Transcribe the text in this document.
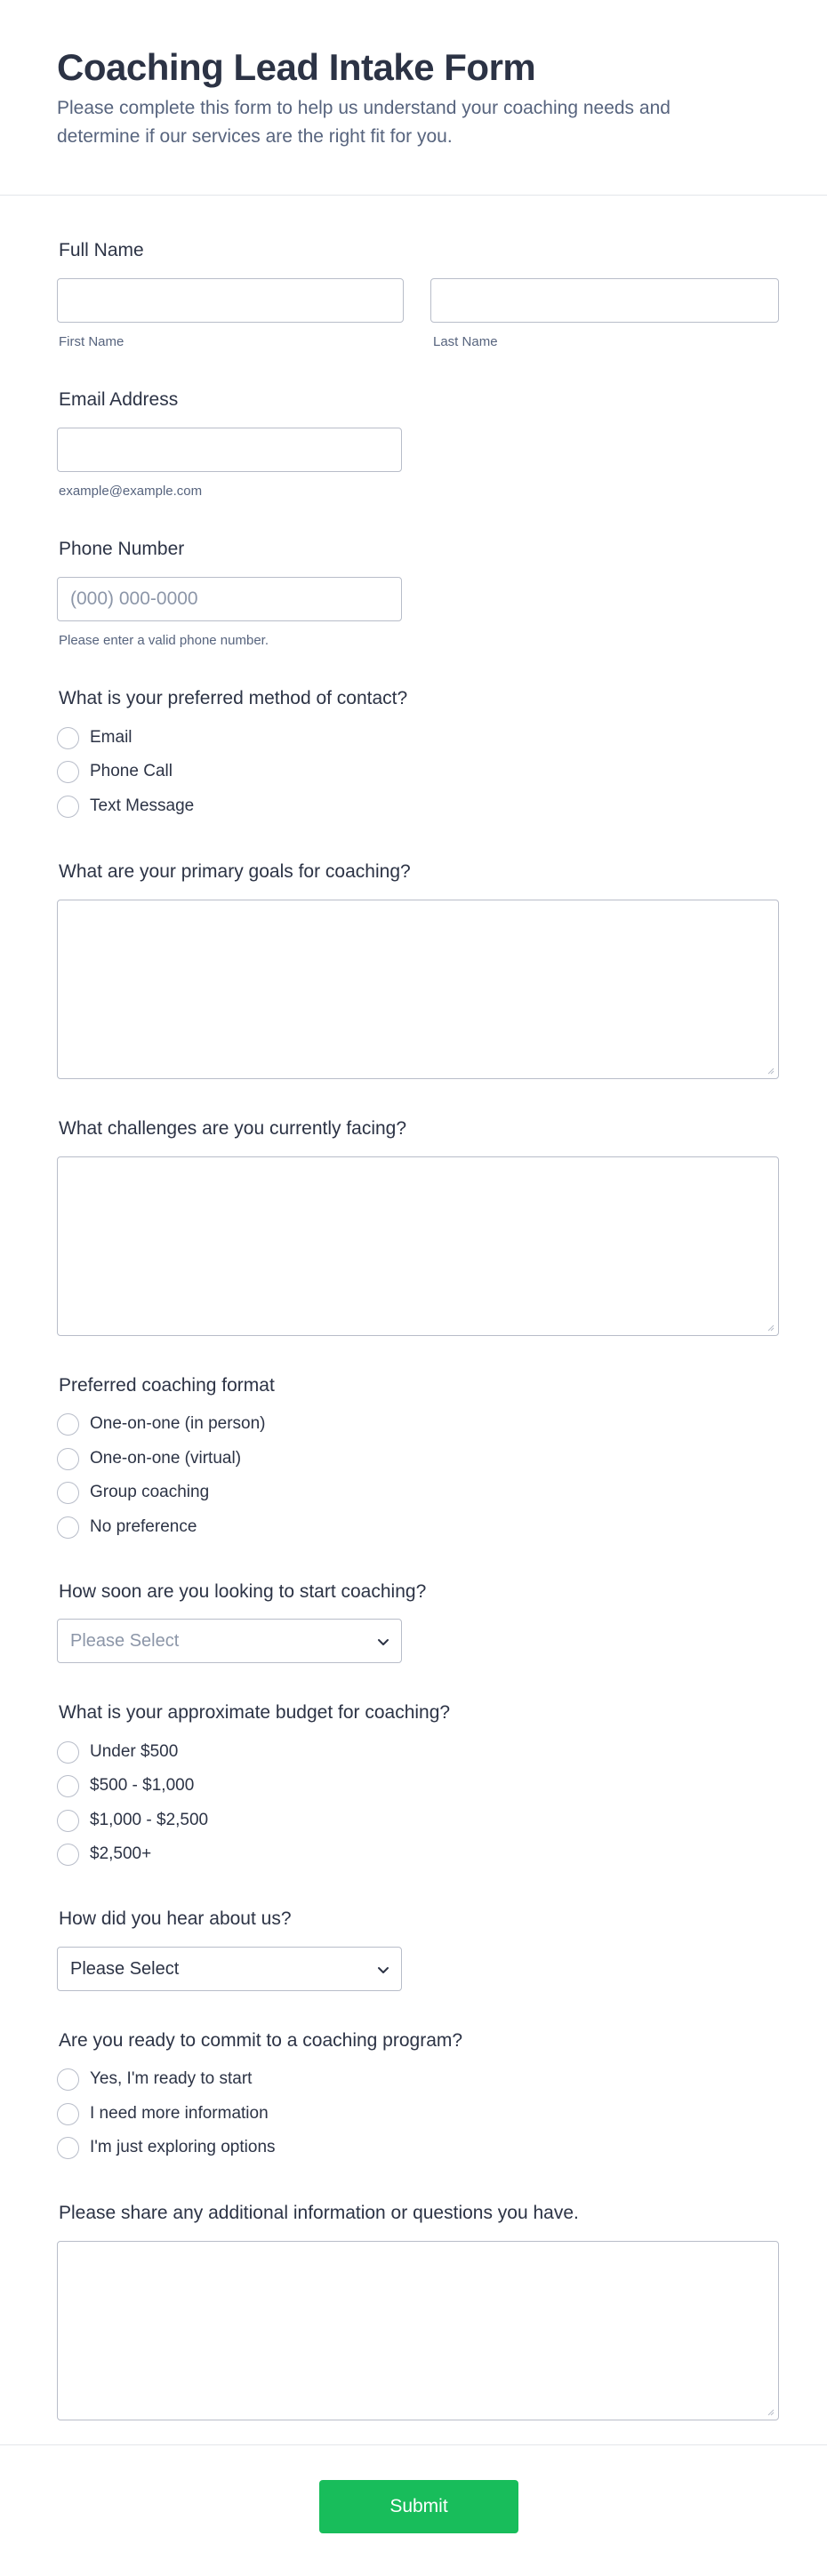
Coaching Lead Intake Form
Please complete this form to help us understand your coaching needs and determine if our services are the right fit for you.
Full Name
First Name	Last Name
Email Address
example@example.com
Phone Number
(000) 000-0000
Please enter a valid phone number.
What is your preferred method of contact?
Email
Phone Call
Text Message
What are your primary goals for coaching?
What challenges are you currently facing?
Preferred coaching format
One-on-one (in person)
One-on-one (virtual)
Group coaching
No preference
How soon are you looking to start coaching?
Please Select
What is your approximate budget for coaching?
Under $500
$500 - $1,000
$1,000 - $2,500
$2,500+
How did you hear about us?
Please Select
Are you ready to commit to a coaching program?
Yes, I'm ready to start
I need more information
I'm just exploring options
Please share any additional information or questions you have.
Submit
